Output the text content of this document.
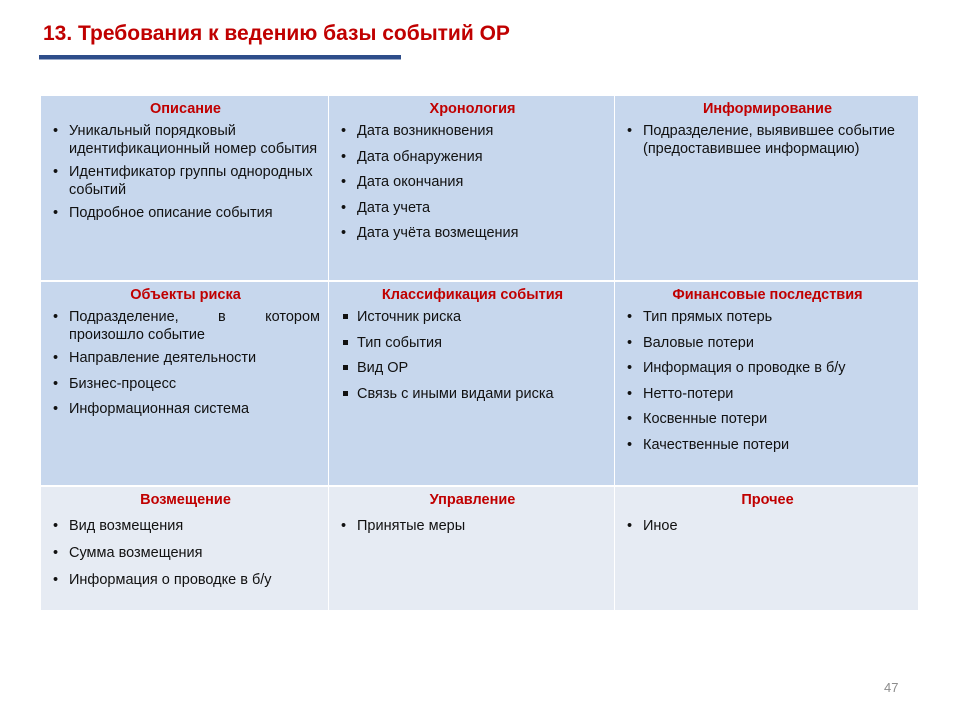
13. Требования к ведению базы событий ОР
Описание
• Уникальный порядковый идентификационный номер события
• Идентификатор группы однородных событий
• Подробное описание события
Хронология
• Дата возникновения
• Дата обнаружения
• Дата окончания
• Дата учета
• Дата учёта возмещения
Информирование
• Подразделение, выявившее событие (предоставившее информацию)
Объекты риска
• Подразделение, в котором произошло событие
• Направление деятельности
• Бизнес-процесс
• Информационная система
Классификация события
Источник риска
Тип события
Вид ОР
Связь с иными видами риска
Финансовые последствия
• Тип прямых потерь
• Валовые потери
• Информация о проводке в б/у
• Нетто-потери
• Косвенные потери
• Качественные потери
Возмещение
• Вид возмещения
• Сумма возмещения
• Информация о проводке в б/у
Управление
• Принятые меры
Прочее
• Иное
47
